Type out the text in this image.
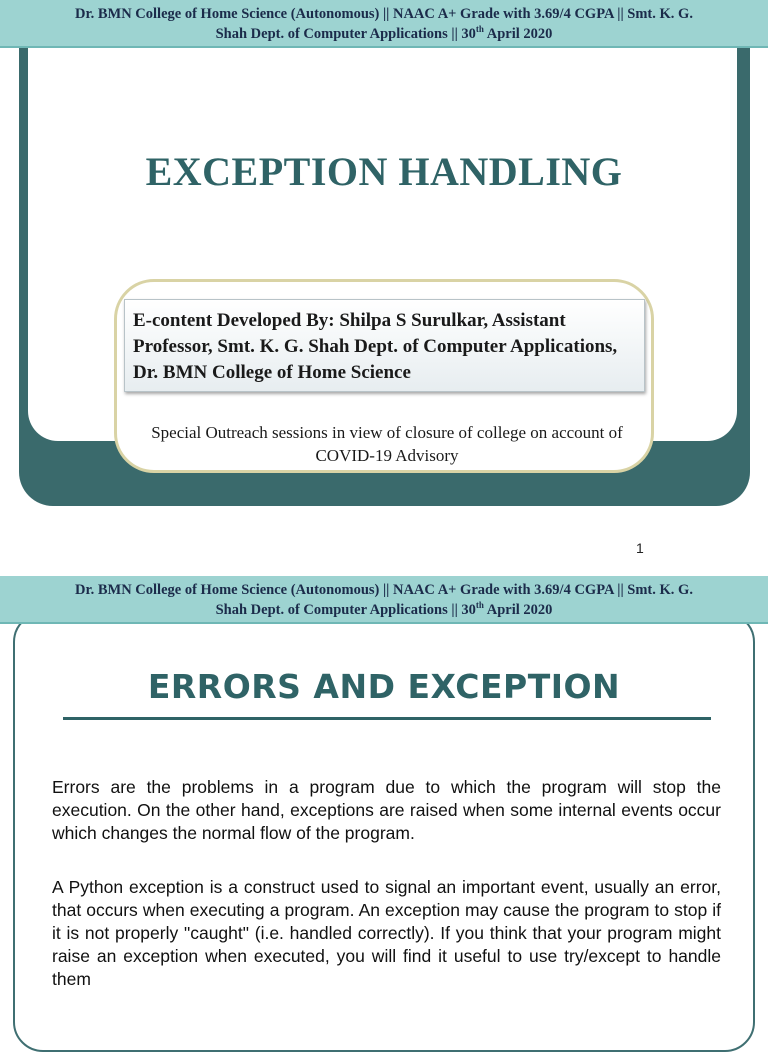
Dr. BMN College of Home Science (Autonomous) || NAAC A+ Grade with 3.69/4 CGPA || Smt. K. G.
Shah Dept. of Computer Applications || 30th April 2020
EXCEPTION HANDLING
E-content Developed By: Shilpa S Surulkar, Assistant Professor, Smt. K. G. Shah Dept. of Computer Applications, Dr. BMN College of Home Science
Special Outreach sessions in view of closure of college on account of COVID-19 Advisory
1
Dr. BMN College of Home Science (Autonomous) || NAAC A+ Grade with 3.69/4 CGPA || Smt. K. G.
Shah Dept. of Computer Applications || 30th April 2020
ERRORS AND EXCEPTION
Errors are the problems in a program due to which the program will stop the execution. On the other hand, exceptions are raised when some internal events occur which changes the normal flow of the program.
A Python exception is a construct used to signal an important event, usually an error, that occurs when executing a program. An exception may cause the program to stop if it is not properly "caught" (i.e. handled correctly). If you think that your program might raise an exception when executed, you will find it useful to use try/except to handle them
